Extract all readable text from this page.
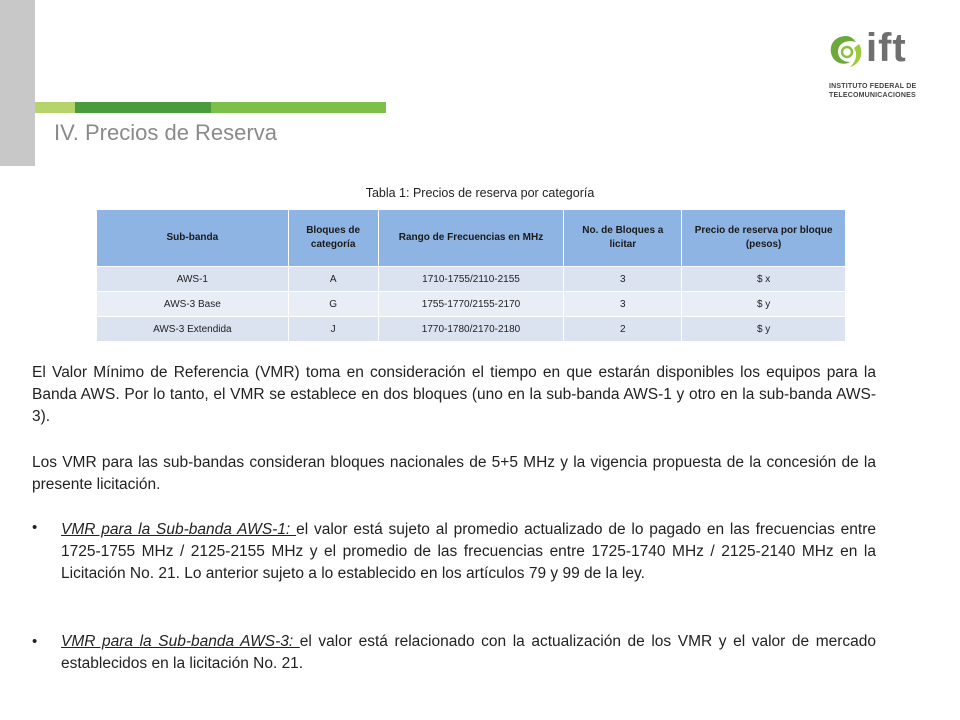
IV. Precios de Reserva
ift
INSTITUTO FEDERAL DE
TELECOMUNICACIONES
Tabla 1: Precios de reserva por categoría
Sub-banda	Bloques de categoría	Rango de Frecuencias en MHz	No. de Bloques a licitar	Precio de reserva por bloque (pesos)
AWS-1	A	1710-1755/2110-2155	3	$ x
AWS-3 Base	G	1755-1770/2155-2170	3	$ y
AWS-3 Extendida	J	1770-1780/2170-2180	2	$ y
El Valor Mínimo de Referencia (VMR) toma en consideración el tiempo en que estarán disponibles los equipos para la Banda AWS. Por lo tanto, el VMR se establece en dos bloques (uno en la sub-banda AWS-1 y otro en la sub-banda AWS-3).
Los VMR para las sub-bandas consideran bloques nacionales de 5+5 MHz y la vigencia propuesta de la concesión de la presente licitación.
• VMR para la Sub-banda AWS-1: el valor está sujeto al promedio actualizado de lo pagado en las frecuencias entre 1725-1755 MHz / 2125-2155 MHz y el promedio de las frecuencias entre 1725-1740 MHz / 2125-2140 MHz en la Licitación No. 21. Lo anterior sujeto a lo establecido en los artículos 79 y 99 de la ley.
• VMR para la Sub-banda AWS-3: el valor está relacionado con la actualización de los VMR y el valor de mercado establecidos en la licitación No. 21.
